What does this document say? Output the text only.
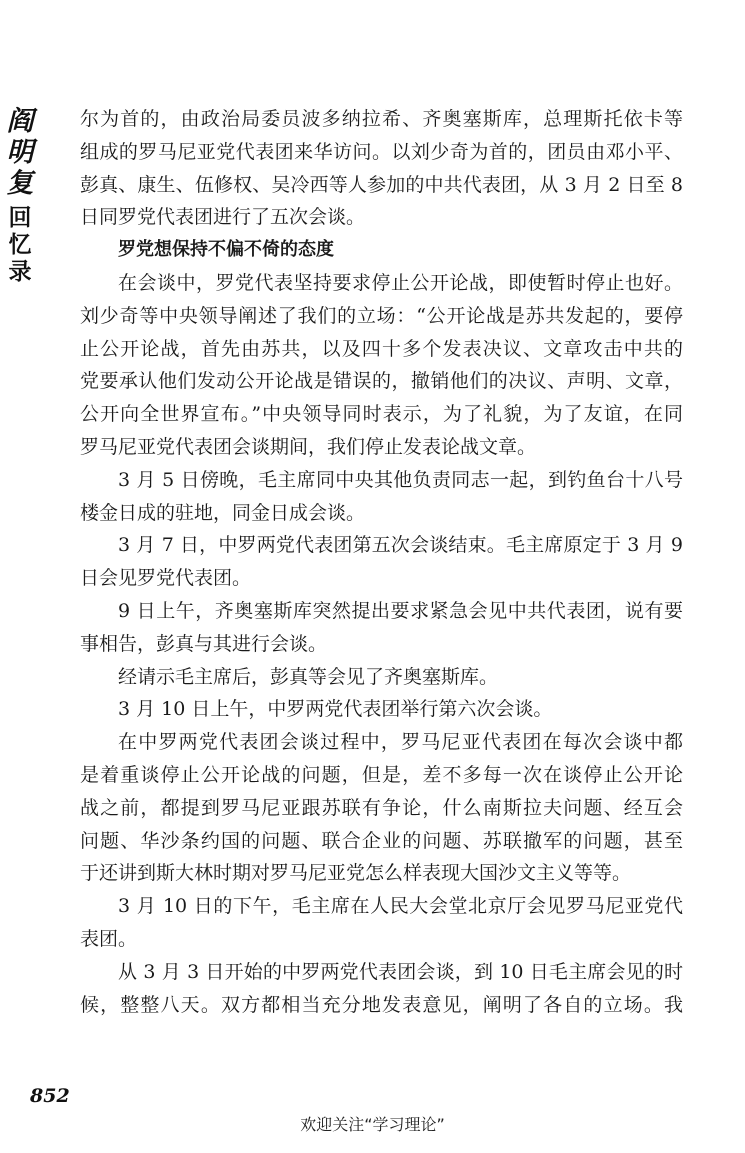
阎
明
复
回
忆
录
尔为首的，由政治局委员波多纳拉希、齐奥塞斯库，总理斯托依卡等
组成的罗马尼亚党代表团来华访问。以刘少奇为首的，团员由邓小平、
彭真、康生、伍修权、吴冷西等人参加的中共代表团，从 3 月 2 日至 8
日同罗党代表团进行了五次会谈。
罗党想保持不偏不倚的态度
在会谈中，罗党代表坚持要求停止公开论战，即使暂时停止也好。
刘少奇等中央领导阐述了我们的立场：“公开论战是苏共发起的，要停
止公开论战，首先由苏共，以及四十多个发表决议、文章攻击中共的
党要承认他们发动公开论战是错误的，撤销他们的决议、声明、文章，
公开向全世界宣布。”中央领导同时表示，为了礼貌，为了友谊，在同
罗马尼亚党代表团会谈期间，我们停止发表论战文章。
3 月 5 日傍晚，毛主席同中央其他负责同志一起，到钓鱼台十八号
楼金日成的驻地，同金日成会谈。
3 月 7 日，中罗两党代表团第五次会谈结束。毛主席原定于 3 月 9
日会见罗党代表团。
9 日上午，齐奥塞斯库突然提出要求紧急会见中共代表团，说有要
事相告，彭真与其进行会谈。
经请示毛主席后，彭真等会见了齐奥塞斯库。
3 月 10 日上午，中罗两党代表团举行第六次会谈。
在中罗两党代表团会谈过程中，罗马尼亚代表团在每次会谈中都
是着重谈停止公开论战的问题，但是，差不多每一次在谈停止公开论
战之前，都提到罗马尼亚跟苏联有争论，什么南斯拉夫问题、经互会
问题、华沙条约国的问题、联合企业的问题、苏联撤军的问题，甚至
于还讲到斯大林时期对罗马尼亚党怎么样表现大国沙文主义等等。
3 月 10 日的下午，毛主席在人民大会堂北京厅会见罗马尼亚党代
表团。
从 3 月 3 日开始的中罗两党代表团会谈，到 10 日毛主席会见的时
候，整整八天。双方都相当充分地发表意见，阐明了各自的立场。我
852
欢迎关注“学习理论”
